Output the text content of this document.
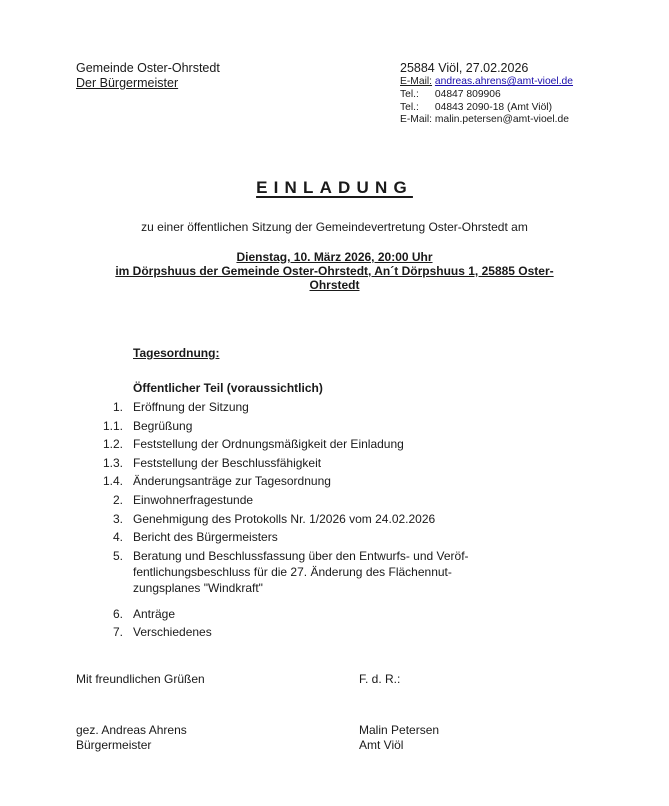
Gemeinde Oster-Ohrstedt
Der Bürgermeister
25884 Viöl, 27.02.2026
E-Mail: andreas.ahrens@amt-vioel.de
Tel.: 04847 809906
Tel.: 04843 2090-18 (Amt Viöl)
E-Mail: malin.petersen@amt-vioel.de
EINLADUNG
zu einer öffentlichen Sitzung der Gemeindevertretung Oster-Ohrstedt am
Dienstag, 10. März 2026, 20:00 Uhr
im Dörpshuus der Gemeinde Oster-Ohrstedt, An´t Dörpshuus 1, 25885 Oster-
Ohrstedt
Tagesordnung:
Öffentlicher Teil (voraussichtlich)
1. Eröffnung der Sitzung
1.1. Begrüßung
1.2. Feststellung der Ordnungsmäßigkeit der Einladung
1.3. Feststellung der Beschlussfähigkeit
1.4. Änderungsanträge zur Tagesordnung
2. Einwohnerfragestunde
3. Genehmigung des Protokolls Nr. 1/2026 vom 24.02.2026
4. Bericht des Bürgermeisters
5. Beratung und Beschlussfassung über den Entwurfs- und Veröf-
fentlichungsbeschluss für die 27. Änderung des Flächennut-
zungsplanes "Windkraft"
6. Anträge
7. Verschiedenes
Mit freundlichen Grüßen	F. d. R.:
gez. Andreas Ahrens
Bürgermeister
Malin Petersen
Amt Viöl
